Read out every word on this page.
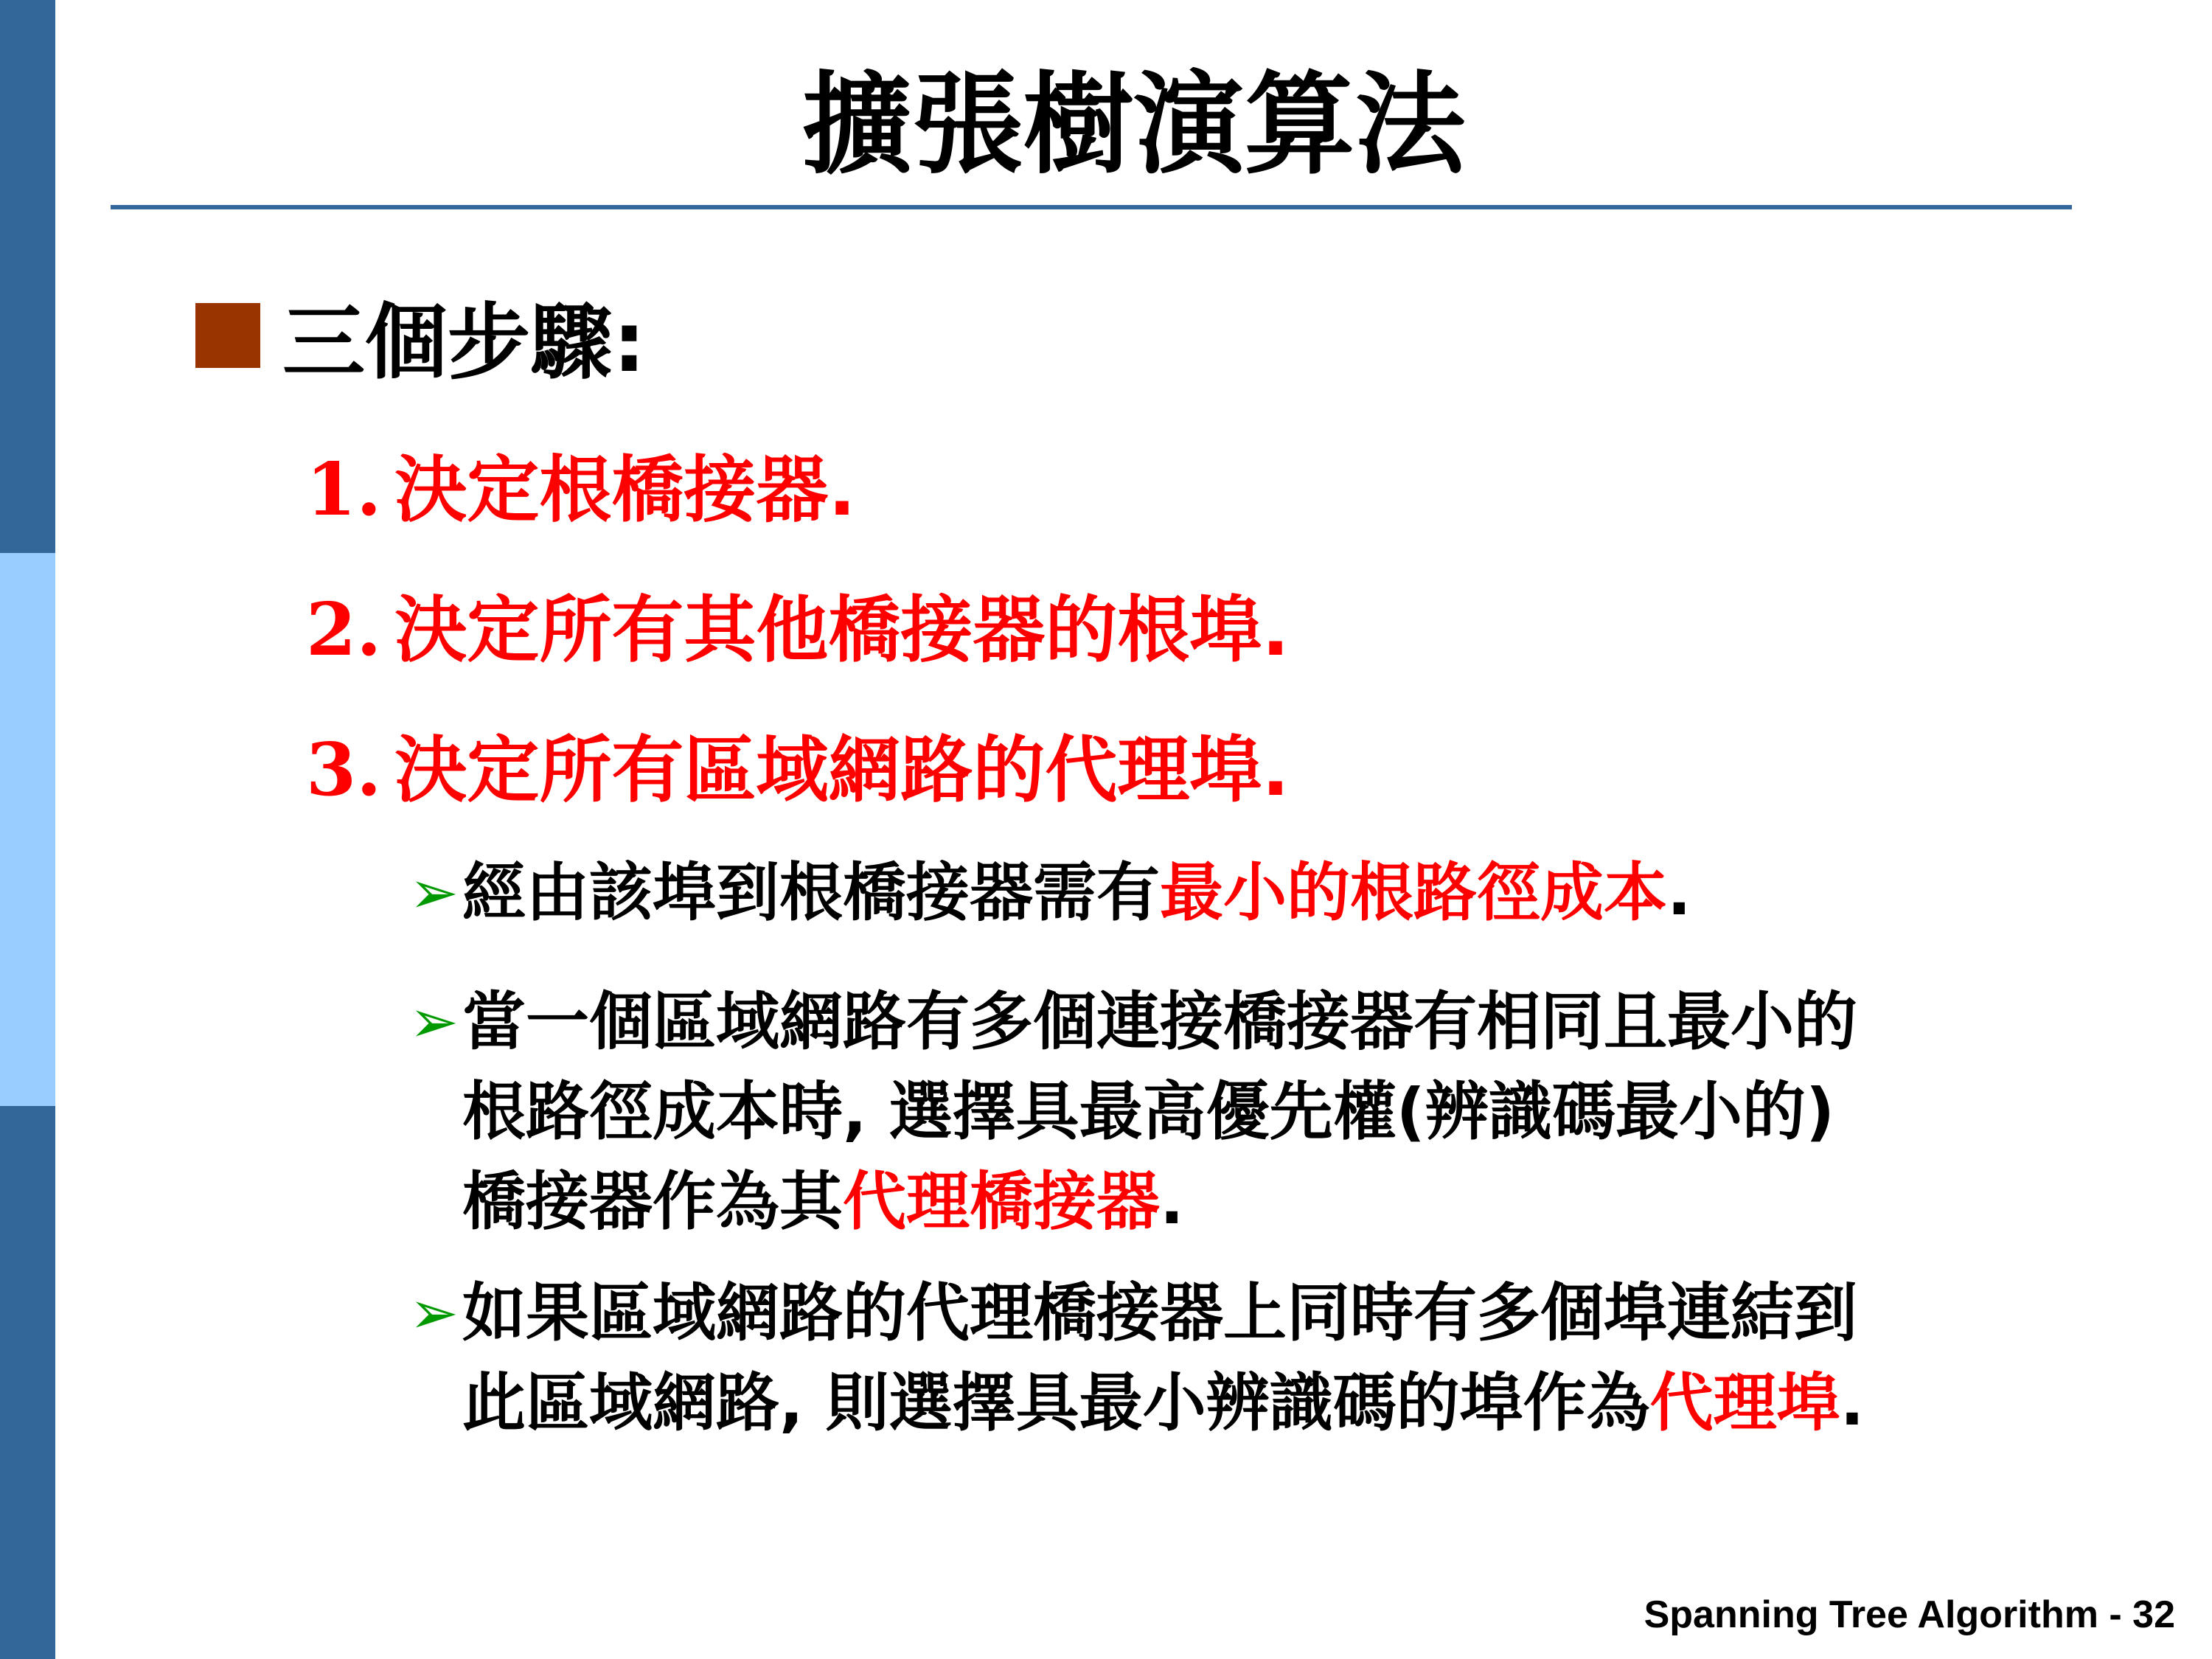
擴張樹演算法
三個步驟:
1. 決定根橋接器.
2. 決定所有其他橋接器的根埠.
3. 決定所有區域網路的代理埠.
➢ 經由該埠到根橋接器需有最小的根路徑成本.
➢ 當一個區域網路有多個連接橋接器有相同且最小的
根路徑成本時, 選擇具最高優先權(辨識碼最小的)
橋接器作為其代理橋接器.
➢ 如果區域網路的代理橋接器上同時有多個埠連結到
此區域網路, 則選擇具最小辨識碼的埠作為代理埠.
Spanning Tree Algorithm - 32
